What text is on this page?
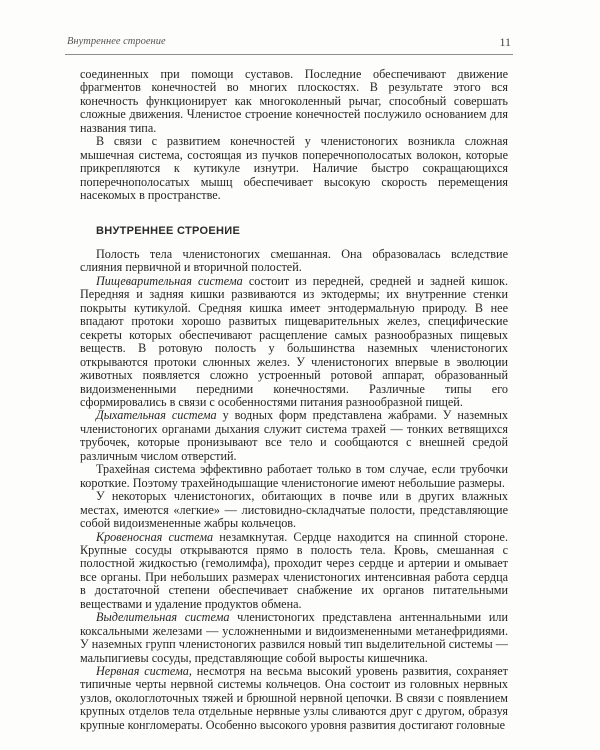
Внутреннее строение	11

соединенных при помощи суставов. Последние обеспечивают движение фрагментов конечностей во многих плоскостях. В результате этого вся конечность функционирует как многоколенный рычаг, способный совершать сложные движения. Членистое строение конечностей послужило основанием для названия типа.

В связи с развитием конечностей у членистоногих возникла сложная мышечная система, состоящая из пучков поперечнополосатых волокон, которые прикрепляются к кутикуле изнутри. Наличие быстро сокращающихся поперечнополосатых мышц обеспечивает высокую скорость перемещения насекомых в пространстве.

ВНУТРЕННЕЕ СТРОЕНИЕ

Полость тела членистоногих смешанная. Она образовалась вследствие слияния первичной и вторичной полостей.

Пищеварительная система состоит из передней, средней и задней кишок. Передняя и задняя кишки развиваются из эктодермы; их внутренние стенки покрыты кутикулой. Средняя кишка имеет энтодермальную природу. В нее впадают протоки хорошо развитых пищеварительных желез, специфические секреты которых обеспечивают расщепление самых разнообразных пищевых веществ. В ротовую полость у большинства наземных членистоногих открываются протоки слюнных желез. У членистоногих впервые в эволюции животных появляется сложно устроенный ротовой аппарат, образованный видоизмененными передними конечностями. Различные типы его сформировались в связи с особенностями питания разнообразной пищей.

Дыхательная система у водных форм представлена жабрами. У наземных членистоногих органами дыхания служит система трахей — тонких ветвящихся трубочек, которые пронизывают все тело и сообщаются с внешней средой различным числом отверстий.

Трахейная система эффективно работает только в том случае, если трубочки короткие. Поэтому трахейнодышащие членистоногие имеют небольшие размеры.

У некоторых членистоногих, обитающих в почве или в других влажных местах, имеются «легкие» — листовидно-складчатые полости, представляющие собой видоизмененные жабры кольчецов.

Кровеносная система незамкнутая. Сердце находится на спинной стороне. Крупные сосуды открываются прямо в полость тела. Кровь, смешанная с полостной жидкостью (гемолимфа), проходит через сердце и артерии и омывает все органы. При небольших размерах членистоногих интенсивная работа сердца в достаточной степени обеспечивает снабжение их органов питательными веществами и удаление продуктов обмена.

Выделительная система членистоногих представлена антеннальными или коксальными железами — усложненными и видоизмененными метанефридиями. У наземных групп членистоногих развился новый тип выделительной системы — мальпигиевы сосуды, представляющие собой выросты кишечника.

Нервная система, несмотря на весьма высокий уровень развития, сохраняет типичные черты нервной системы кольчецов. Она состоит из головных нервных узлов, окологлоточных тяжей и брюшной нервной цепочки. В связи с появлением крупных отделов тела отдельные нервные узлы сливаются друг с другом, образуя крупные конгломераты. Особенно высокого уровня развития достигают головные
